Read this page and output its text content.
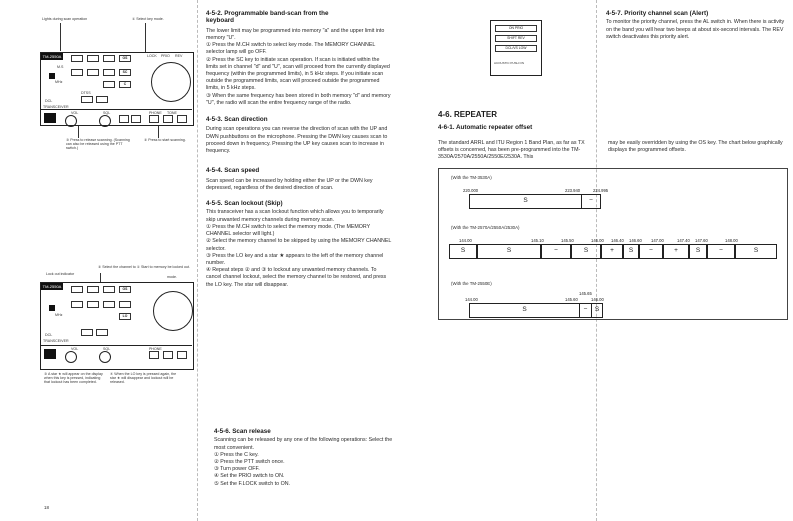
Lights during scan operation	① Select key mode.
TM-2550A	OS
SC
C
M.S
MHz
DTSS
DCL
TRANSCEIVER
LOCK PRIO REV
VOL	SQL	PHONE TONE
③ Press to release scanning. (Scanning can also be released using the PTT switch.)
② Press to start scanning.
② Select the channel to ① Start to memory be locked out.
Lock out indicator
TM-2550A	OS
LO
mode.
MHz
DCL
TRANSCEIVER
VOL	SQL	PHONE
③ A star ★ will appear on the display when this key is pressed, indicating that lockout has been completed.
④ When the LO key is pressed again, the star ★ will disappear and lockout will be released.
18
4-5-2. Programmable band-scan from the keyboard
The lower limit may be programmed into memory "a" and the upper limit into memory "U".
① Press the M.CH switch to select key mode. The MEMORY CHANNEL selector lamp will go OFF.
② Press the SC key to initiate scan operation. If scan is initiated within the limits set in channel "d" and "U", scan will proceed from the currently displayed frequency (within the programmed limits), in 5 kHz steps. If you initiate scan outside the programmed limits, scan will proceed outside the programmed limits, in 5 kHz steps.
③ When the same frequency has been stored in both memory "d" and memory "U", the radio will scan the entire frequency range of the radio.
4-5-3. Scan direction
During scan operations you can reverse the direction of scan with the UP and DWN pushbuttons on the microphone. Pressing the DWN key causes scan to proceed down in frequency. Pressing the UP key causes scan to increase in frequency.
4-5-4. Scan speed
Scan speed can be increased by holding either the UP or the DWN key depressed, regardless of the desired direction of scan.
4-5-5. Scan lockout (Skip)
This transceiver has a scan lockout function which allows you to temporarily skip unwanted memory channels during memory scan.
① Press the M.CH switch to select the memory mode. (The MEMORY CHANNEL selector will light.)
② Select the memory channel to be skipped by using the MEMORY CHANNEL selector.
③ Press the LO key and a star ★ appears to the left of the memory channel number.
④ Repeat steps ② and ③ to lockout any unwanted memory channels. To cancel channel lockout, select the memory channel to be restored, and press the LO key. The star will disappear.
4-5-6. Scan release
Scanning can be released by any one of the following operations: Select the most convenient.
① Press the C key.
② Press the PTT switch once.
③ Turn power OFF.
④ Set the PRIO switch to ON.
⑤ Set the F.LOCK switch to ON.
ON PRIO
SHIFT REV
DCL/VS LOW
ACOUSTIC PUSH ON
4-5-7. Priority channel scan (Alert)
To monitor the priority channel, press the AL switch in. When there is activity on the band you will hear two beeps at about six-second intervals. The REV switch deactivates this priority alert.
4-6. REPEATER
4-6-1. Automatic repeater offset
The standard ARRL and ITU Region 1 Band Plan, as far as TX offsets is concerned, has been pre-programmed into the TM-3530A/2570A/2550A/2550E/2530A. This
may be easily overridden by using the OS key. The chart below graphically displays the programmed offsets.
(With the TM-3530A)
220.000	223.940	224.995
S	−
(With the TM-2570A/2550A/2530A)
144.00	145.10	145.50	146.00 146.40 146.60 147.00	147.40 147.60	148.00
S	S	−	S	+	S	−	+	S	−	S
(With the TM-2550E)
144.00	145.60
145.65
146.00
S	−	S
